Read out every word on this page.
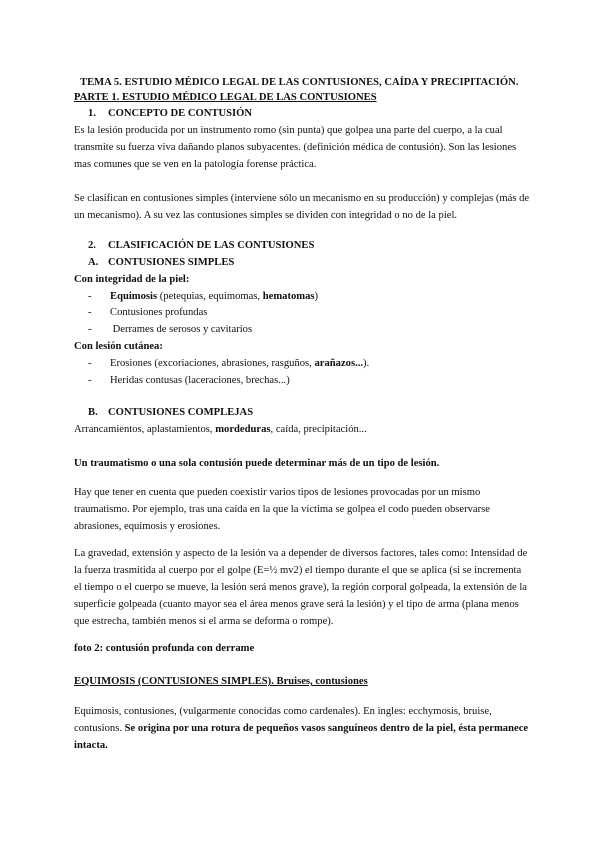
TEMA 5. ESTUDIO MÉDICO LEGAL DE LAS CONTUSIONES, CAÍDA Y PRECIPITACIÓN.
PARTE 1. ESTUDIO MÉDICO LEGAL DE LAS CONTUSIONES
1. CONCEPTO DE CONTUSIÓN
Es la lesión producida por un instrumento romo (sin punta) que golpea una parte del cuerpo, a la cual transmite su fuerza viva dañando planos subyacentes. (definición médica de contusión). Son las lesiones mas comunes que se ven en la patología forense práctica.
Se clasifican en contusiones simples (interviene sólo un mecanismo en su producción) y complejas (más de un mecanismo). A su vez las contusiones simples se dividen con integridad o no de la piel.
2. CLASIFICACIÓN DE LAS CONTUSIONES
A. CONTUSIONES SIMPLES
Con integridad de la piel:
- Equimosis (petequias, equimomas, hematomas)
- Contusiones profundas
- Derrames de serosos y cavitarios
Con lesión cutánea:
- Erosiones (excoriaciones, abrasiones, rasguños, arañazos...).
- Heridas contusas (laceraciones, brechas...)
B. CONTUSIONES COMPLEJAS
Arrancamientos, aplastamientos, mordeduras, caída, precipitación...
Un traumatismo o una sola contusión puede determinar más de un tipo de lesión.
Hay que tener en cuenta que pueden coexistir varios tipos de lesiones provocadas por un mismo traumatismo. Por ejemplo, tras una caída en la que la víctima se golpea el codo pueden observarse abrasiones, equimosis y erosiones.
La gravedad, extensión y aspecto de la lesión va a depender de diversos factores, tales como: Intensidad de la fuerza trasmitida al cuerpo por el golpe (E=½ mv2) el tiempo durante el que se aplica (si se incrementa el tiempo o el cuerpo se mueve, la lesión será menos grave), la región corporal golpeada, la extensión de la superficie golpeada (cuanto mayor sea el área menos grave será la lesión) y el tipo de arma (plana menos que estrecha, también menos si el arma se deforma o rompe).
foto 2: contusión profunda con derrame
EQUIMOSIS (CONTUSIONES SIMPLES). Bruises, contusiones
Equimosis, contusiones, (vulgarmente conocidas como cardenales). En ingles: ecchymosis, bruise, contusions. Se origina por una rotura de pequeños vasos sanguíneos dentro de la piel, ésta permanece intacta.
